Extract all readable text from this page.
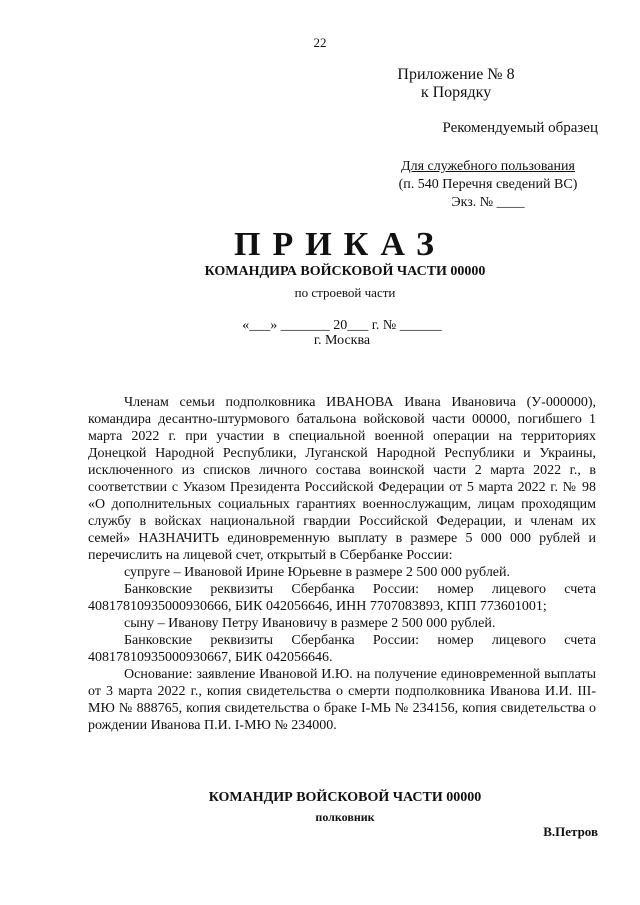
22
Приложение № 8
к Порядку
Рекомендуемый образец
Для служебного пользования
(п. 540 Перечня сведений ВС)
Экз. № ____
ПРИКАЗ
КОМАНДИРА ВОЙСКОВОЙ ЧАСТИ 00000
по строевой части
«___» _______ 20___ г. № ______
г. Москва

Членам семьи подполковника ИВАНОВА Ивана Ивановича (У-000000), командира десантно-штурмового батальона войсковой части 00000, погибшего 1 марта 2022 г. при участии в специальной военной операции на территориях Донецкой Народной Республики, Луганской Народной Республики и Украины, исключенного из списков личного состава воинской части 2 марта 2022 г., в соответствии с Указом Президента Российской Федерации от 5 марта 2022 г. № 98 «О дополнительных социальных гарантиях военнослужащим, лицам проходящим службу в войсках национальной гвардии Российской Федерации, и членам их семей» НАЗНАЧИТЬ единовременную выплату в размере 5 000 000 рублей и перечислить на лицевой счет, открытый в Сбербанке России:

супруге – Ивановой Ирине Юрьевне в размере 2 500 000 рублей.

Банковские реквизиты Сбербанка России: номер лицевого счета 40817810935000930666, БИК 042056646, ИНН 7707083893, КПП 773601001;

сыну – Иванову Петру Ивановичу в размере 2 500 000 рублей.

Банковские реквизиты Сбербанка России: номер лицевого счета 40817810935000930667, БИК 042056646.

Основание: заявление Ивановой И.Ю. на получение единовременной выплаты от 3 марта 2022 г., копия свидетельства о смерти подполковника Иванова И.И. III-МЮ № 888765, копия свидетельства о браке I-МЬ № 234156, копия свидетельства о рождении Иванова П.И. I-МЮ № 234000.

КОМАНДИР ВОЙСКОВОЙ ЧАСТИ 00000
полковник
В.Петров
